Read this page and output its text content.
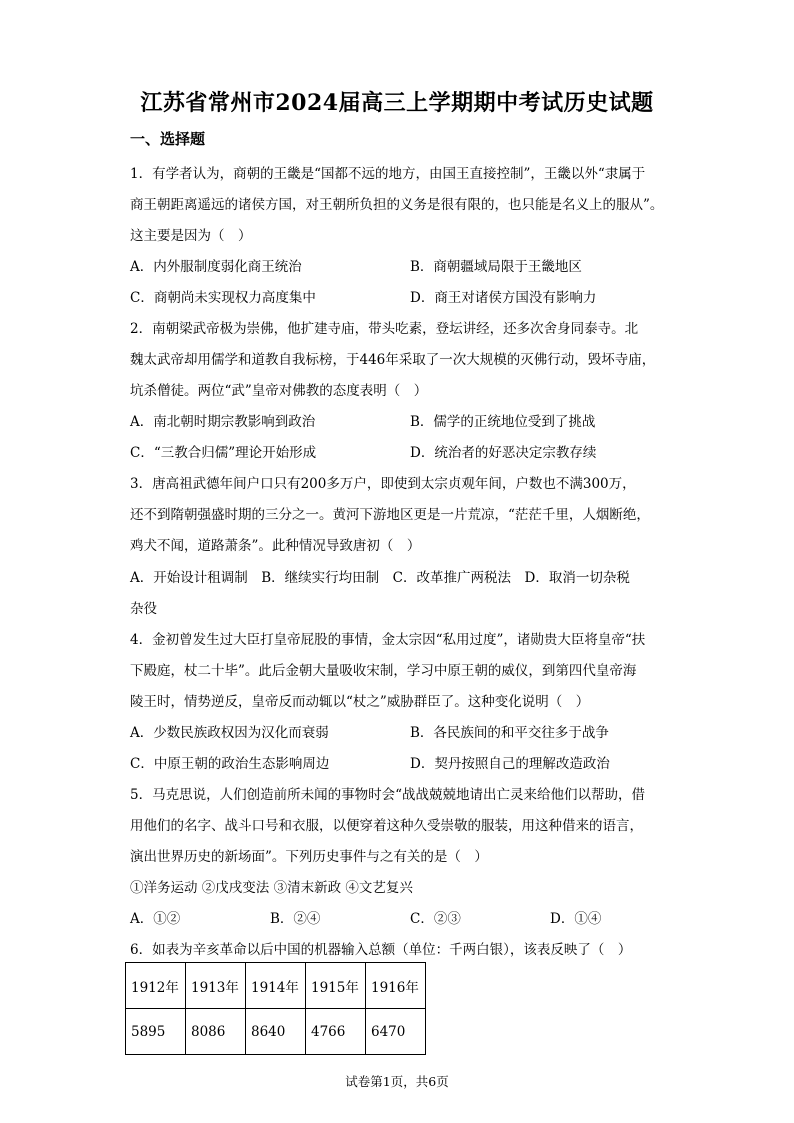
江苏省常州市2024届高三上学期期中考试历史试题
一、选择题
1．有学者认为，商朝的王畿是“国都不远的地方，由国王直接控制”，王畿以外“隶属于
商王朝距离遥远的诸侯方国，对王朝所负担的义务是很有限的，也只能是名义上的服从”。
这主要是因为（　）
A．内外服制度弱化商王统治	B．商朝疆域局限于王畿地区
C．商朝尚未实现权力高度集中	D．商王对诸侯方国没有影响力
2．南朝梁武帝极为崇佛，他扩建寺庙，带头吃素，登坛讲经，还多次舍身同泰寺。北
魏太武帝却用儒学和道教自我标榜，于446年采取了一次大规模的灭佛行动，毁坏寺庙，
坑杀僧徒。两位“武”皇帝对佛教的态度表明（　）
A．南北朝时期宗教影响到政治	B．儒学的正统地位受到了挑战
C．“三教合归儒”理论开始形成	D．统治者的好恶决定宗教存续
3．唐高祖武德年间户口只有200多万户，即使到太宗贞观年间，户数也不满300万，
还不到隋朝强盛时期的三分之一。黄河下游地区更是一片荒凉，“茫茫千里，人烟断绝，
鸡犬不闻，道路萧条”。此种情况导致唐初（　）
A．开始设计租调制　B．继续实行均田制　C．改革推广两税法　D．取消一切杂税
杂役
4．金初曾发生过大臣打皇帝屁股的事情，金太宗因“私用过度”，诸勋贵大臣将皇帝“扶
下殿庭，杖二十毕”。此后金朝大量吸收宋制，学习中原王朝的威仪，到第四代皇帝海
陵王时，情势逆反，皇帝反而动辄以“杖之”威胁群臣了。这种变化说明（　）
A．少数民族政权因为汉化而衰弱	B．各民族间的和平交往多于战争
C．中原王朝的政治生态影响周边	D．契丹按照自己的理解改造政治
5．马克思说，人们创造前所未闻的事物时会“战战兢兢地请出亡灵来给他们以帮助，借
用他们的名字、战斗口号和衣服，以便穿着这种久受崇敬的服装，用这种借来的语言，
演出世界历史的新场面”。下列历史事件与之有关的是（　）
①洋务运动 ②戊戌变法 ③清末新政 ④文艺复兴
A．①②	B．②④	C．②③	D．①④
6．如表为辛亥革命以后中国的机器输入总额（单位：千两白银），该表反映了（　）
1912年	1913年	1914年	1915年	1916年
5895	8086	8640	4766	6470
试卷第1页，共6页
